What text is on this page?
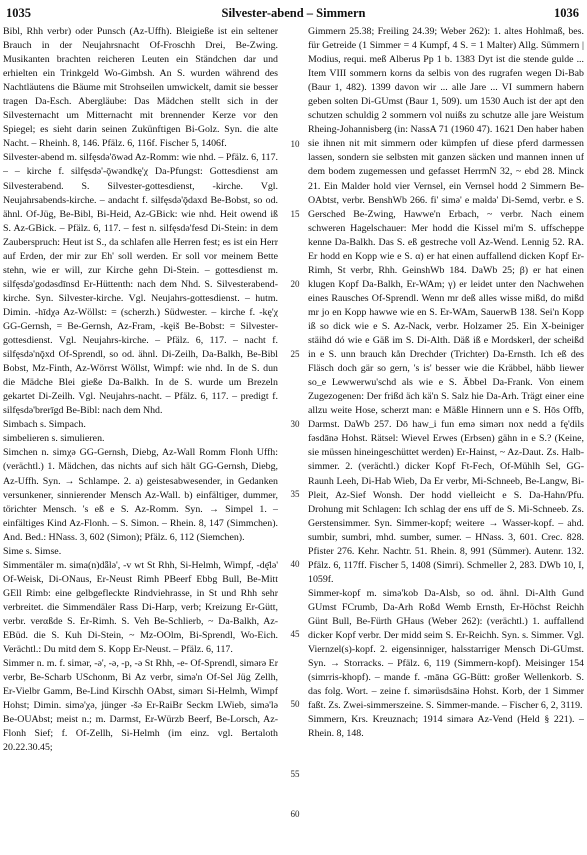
1035	Silvester-abend – Simmern	1036

Bibl, Rhh verbr) oder Punsch (Az-Uffh). Bleigieße ist ein seltener Brauch in der Neujahrsnacht Of-Froschh Drei, Be-Zwing. Musikanten brachten reicheren Leuten ein Ständchen dar und erhielten ein Trinkgeld Wo-Gimbsh. An S. wurden während des Nachtläutens die Bäume mit Strohseilen umwickelt, damit sie besser tragen Da-Esch. Abergläube: Das Mädchen stellt sich in der Silvesternacht um Mitternacht mit brennender Kerze vor den Spiegel; es sieht darin seinen Zukünftigen Bi-Golz. Syn. die alte Nacht. – Rheinh. 8, 146. Pfälz. 6, 116f. Fischer 5, 1406f.

Silvester-abend m. silfęsdə'ōwəd Az-Romm: wie nhd. – Pfälz. 6, 117. – – kirche f. silfęsdə'-ǭwəndkę'χ Da-Pfungst: Gottesdienst am Silvesterabend. S. Silvester-gottesdienst, -kirche. Vgl. Neujahrsabends-kirche. – andacht f. silfęsdə'ǭdaxd Be-Bobst, so od. ähnl. Of-Jüg, Be-Bibl, Bi-Heid, Az-GBick: wie nhd. Heit owend iß S. Az-GBick. – Pfälz. 6, 117. – fest n. silfęsdə'fesd Di-Stein: in dem Zauberspruch: Heut ist S., da schlafen alle Herren fest; es ist ein Herr auf Erden, der mir zur Eh' soll werden. Er soll vor meinem Bette stehn, wie er will, zur Kirche gehn Di-Stein. – gottesdienst m. silfęsdə'godəsdīnsd Er-Hüttenth: nach dem Nhd. S. Silvesterabend-kirche. Syn. Silvester-kirche. Vgl. Neujahrs-gottesdienst. – hutm. Dimin. -hīdχə Az-Wöllst: = (scherzh.) Südwester. – kirche f. -kę'χ GG-Gernsh, = Be-Gernsh, Az-Fram, -kęiš Be-Bobst: = Silvester-gottesdienst. Vgl. Neujahrs-kirche. – Pfälz. 6, 117. – nacht f. silfęsdə'nǭxd Of-Sprendl, so od. ähnl. Di-Zeilh, Da-Balkh, Be-Bibl Bobst, Mz-Finth, Az-Wörrst Wöllst, Wimpf: wie nhd. In de S. dun die Mädche Blei gieße Da-Balkh. In de S. wurde um Brezeln gekartet Di-Zeilh. Vgl. Neujahrs-nacht. – Pfälz. 6, 117. – predigt f. silfęsdə'brerīgd Be-Bibl: nach dem Nhd.

Simbach s. Simpach.

simbelieren s. simulieren.

Simchen n. simχə GG-Gernsh, Diebg, Az-Wall Romm Flonh Uffh: (verächtl.) 1. Mädchen, das nichts auf sich hält GG-Gernsh, Diebg, Az-Uffh. Syn. → Schlampe. 2. a) geistesabwesender, in Gedanken versunkener, sinnierender Mensch Az-Wall. b) einfältiger, dummer, törichter Mensch. 's eß e S. Az-Romm. Syn. → Simpel 1. – einfältiges Kind Az-Flonh. – S. Simon. – Rhein. 8, 147 (Simmchen). And. Bed.: HNass. 3, 602 (Simon); Pfälz. 6, 112 (Siemchen).

Sime s. Simse.

Simmentäler m. sima(n)dǟlə', -v wt St Rhh, Si-Helmh, Wimpf, -dę̄lə' Of-Weisk, Di-ONaus, Er-Neust Rimh PBeerf Ebbg Bull, Be-Mitt GEll Rimb: eine gelbgefleckte Rindviehrasse, in St und Rhh sehr verbreitet. die Simmendäler Rass Di-Harp, verb; Kreizung Er-Gütt, verbr. verαßde S. Er-Rimh. S. Veh Be-Schlierb, ~ Da-Balkh, Az-EBüd. die S. Kuh Di-Stein, ~ Mz-OOlm, Bi-Sprendl, Wo-Eich. Verächtl.: Du mitd dem S. Kopp Er-Neust. – Pfälz. 6, 117.

Simmer n. m. f. simər, -ə', -ə, -p, -ə St Rhh, -e- Of-Sprendl, simərə Er verbr, Be-Scharb USchonm, Bi Az verbr, simə'n Of-Sel Jüg Zellh, Er-Vielbr Gamm, Be-Lind Kirschh OAbst, simərı Si-Helmh, Wimpf Hohst; Dimin. simə'χə, jünger -šə Er-RaiBr Seckm LWieb, simə'lə Be-OUAbst; meist n.; m. Darmst, Er-Würzb Beerf, Be-Lorsch, Az-Flonh Sief; f. Of-Zellh, Si-Helmh (im einz. vgl. Bertaloth 20.22.30.45;

10
15
20
25
30
35
40
45
50
55
60

Gimmern 25.38; Freiling 24.39; Weber 262): 1. altes Hohlmaß, bes. für Getreide (1 Simmer = 4 Kumpf, 4 S. = 1 Malter) Allg. Sümmern | Modius, requi. meß Alberus Pp 1 b. 1383 Dyt ist die stende gulde ... Item VIII sommern korns da selbis von des rugrafen wegen Di-Bab (Baur 1, 482). 1399 davon wir ... alle Jare ... VI summern habern geben solten Di-GUmst (Baur 1, 509). um 1530 Auch ist der apt den schutzen schuldig 2 sommern vol nuißs zu schutze alle jare Weistum Rheing-Johannisberg (in: NassA 71 (1960 47). 1621 Den haber haben sie ihnen nit mit simmern oder kümpfen uf diese pferd darmessen lassen, sondern sie selbsten mit ganzen säcken und mannen innen uf dem bodem zugemessen und gefasset HerrmN 32, ~ ebd 28. Minck 21. Ein Malder hold vier Vernsel, ein Vernsel hodd 2 Simmern Be-OAbtst, verbr. BenshWb 266. fi' simə' e məldə' Di-Semd, verbr. e S. Gersched Be-Zwing, Hawwe'n Erbach, ~ verbr. Nach einem schweren Hagelschauer: Mer hodd die Kissel mi'm S. uffscheppe kenne Da-Balkh. Das S. eß gestreche voll Az-Wend. Lennig 52. RA. Er hodd en Kopp wie e S. α) er hat einen auffallend dicken Kopf Er-Rimh, St verbr, Rhh. GeinshWb 184. DaWb 25; β) er hat einen klugen Kopf Da-Balkh, Er-WAm; γ) er leidet unter den Nachwehen eines Rausches Of-Sprendl. Wenn mr deß alles wisse mißd, do mißd mr jo en Kopp hawwe wie en S. Er-WAm, SauerwB 138. Sei'n Kopp iß so dick wie e S. Az-Nack, verbr. Holzamer 25. Ein X-beiniger stäihd dó wie e Gäß im S. Di-Alth. Däß iß e Mordskerl, der scheißd in e S. unn brauch kån Drechder (Trichter) Da-Ernsth. Ich eß des Fläsch doch gär so gern, 's is' besser wie die Kräbbel, häbb liewer so_e Lewwerwu'schd als wie e S. Äbbel Da-Frank. Von einem Zugezogenen: Der frißd äch kä'n S. Salz hie Da-Arh. Trägt einer eine allzu weite Hose, scherzt man: e Mäßle Hinnern unn e S. Hōs Offb, Darmst. DaWb 257. Dō haw_i fun emə simərı nox nedd a fę'dils fəsdānə Hohst. Rätsel: Wievel Erwes (Erbsen) gähn in e S.? (Keine, sie müssen hineingeschüttet werden) Er-Hainst, ~ Az-Daut. Zs. Halb-simmer. 2. (verächtl.) dicker Kopf Ft-Fech, Of-Mühlh Sel, GG-Raunh Leeh, Di-Hab Wieb, Da Er verbr, Mi-Schneeb, Be-Langw, Bi-Pleit, Az-Sief Wonsh. Der hodd vielleicht e S. Da-Hahn/Pfu. Drohung mit Schlagen: Ich schlag der ens uff de S. Mi-Schneeb. Zs. Gerstensimmer. Syn. Simmer-kopf; weitere → Wasser-kopf. – ahd. sumbir, sumbri, mhd. sumber, sumer. – HNass. 3, 601. Crec. 828. Pfister 276. Kehr. Nachtr. 51. Rhein. 8, 991 (Sümmer). Autenr. 132. Pfälz. 6, 117ff. Fischer 5, 1408 (Simri). Schmeller 2, 283. DWb 10, I, 1059f.

Simmer-kopf m. simə'kob Da-Alsb, so od. ähnl. Di-Alth Gund GUmst FCrumb, Da-Arh Roßd Wemb Ernsth, Er-Höchst Reichh Günt Bull, Be-Fürth GHaus (Weber 262): (verächtl.) 1. auffallend dicker Kopf verbr. Der midd seim S. Er-Reichh. Syn. s. Simmer. Vgl. Viernzel(s)-kopf. 2. eigensinniger, halsstarriger Mensch Di-GUmst. Syn. → Storracks. – Pfälz. 6, 119 (Simmern-kopf). Meisinger 154 (simrris-khopf). – mande f. -mānə GG-Bütt: großer Wellenkorb. S. das folg. Wort. – zeine f. simərüsdsāinə Hohst. Korb, der 1 Simmer faßt. Zs. Zwei-simmerszeine. S. Simmer-mande. – Fischer 6, 2, 3119.

Simmern, Krs. Kreuznach; 1914 simərə Az-Vend (Held § 221). – Rhein. 8, 148.
